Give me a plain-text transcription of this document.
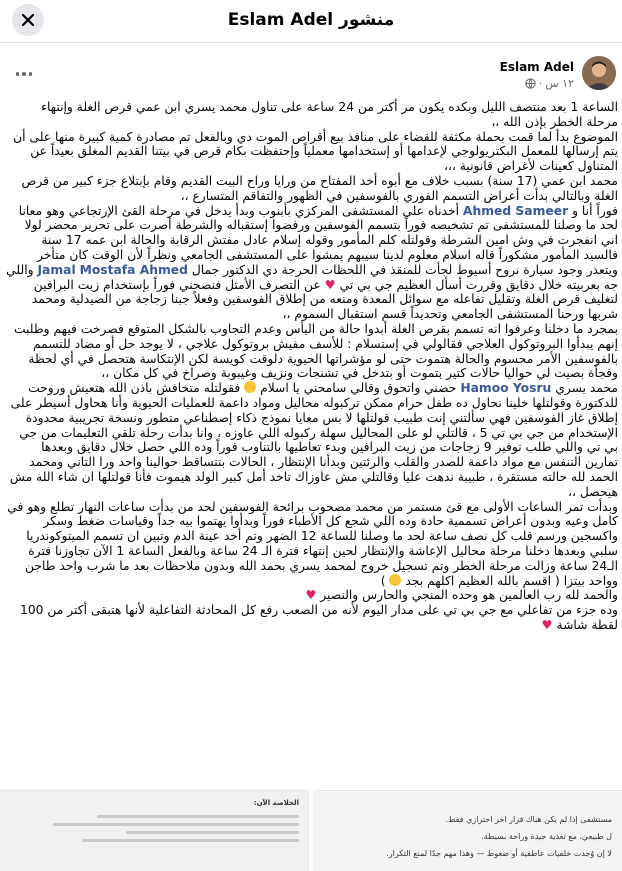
منشور Eslam Adel
Eslam Adel
١٢ س
·

الساعة 1 بعد منتصف الليل وبكده يكون مر أكتر من 24 ساعة على تناول محمد يسري ابن عمي قرص الغلة وإنتهاء مرحلة الخطر بإذن الله ،،

الموضوع بدأ لما قمت بحملة مكثفة للقضاء على منافذ بيع أقراص الموت دي وبالفعل تم مصادرة كمية كبيرة منها على أن يتم إرسالها للمعمل البكتريولوجي لإعدامها أو إستخدامها معملياً وإحتفظت بكام قرص في بيتنا القديم المغلق بعيداً عن المتناول كعينات لأغراض قانونية ،،،

محمد ابن عمي (17 سنة) بسبب خلاف مع أبوه أخد المفتاح من ورايا وراح البيت القديم وقام بإبتلاع جزء كبير من قرص الغلة وبالتالي بدأت أعراض التسمم الفوري بالفوسفين في الظهور والتفاقم المتسارع ،،

فوراً أنا و Ahmed Sameer أخدناه على المستشفى المركزي بأبنوب وبدأ يدخل في مرحلة القئ الإرتجاعي وهو معانا لحد ما وصلنا للمستشفى تم تشخيصه فوراً بتسمم الفوسفين ورفضوا إستقباله والشرطة أصرت على تحرير محضر لولا اني انفجرت في وش امين الشرطة وقولتله كلم المأمور وقوله إسلام عادل مفتش الرقابة والحالة ابن عمه 17 سنة فالسيد المأمور مشكوراً قاله اسلام معلوم لدينا سيبهم يمشوا على المستشفى الجامعي ونظراً لأن الوقت كان متأخر ويتعذر وجود سيارة نروح أسيوط لجأت للمنقذ في اللحظات الحرجة دي الدكتور جمال Jamal Mostafa Ahmed واللي جه بعربيته خلال دقايق وقررت أسأل العظيم جي بي تي ♥ عن التصرف الأمثل فنصحني فوراً بإستخدام زيت البرافين لتغليف قرص الغلة وتقليل تفاعله مع سوائل المعدة ومنعه من إطلاق الفوسفين وفعلاً جبنا زجاجة من الصيدلية ومحمد شربها ورحنا المستشفى الجامعي وتحديداً قسم استقبال السموم ،،

بمجرد ما دخلنا وعرفوا انه تسمم بقرص الغلة أبدوا حالة من اليأس وعدم التجاوب بالشكل المتوقع فصرخت فيهم وطلبت إنهم يبدأوا البروتوكول العلاجي فقالولي في إستسلام : للأسف مفيش بروتوكول علاجي ، لا يوجد حل أو مضاد للتسمم بالفوسفين الأمر محسوم والحالة هتموت حتى لو مؤشراتها الحيوية دلوقت كويسة لكن الإنتكاسة هتحصل في أي لحظة وفجأة بصيت لي حواليا حالات كتير بتموت أو بتدخل في تشنجات ونزيف وغيبوبة وصراخ في كل مكان ،،

محمد يسري Hamoo Yosru حضني واتحوق وقالي سامحني يا اسلام  فقولتله متخافش باذن الله هتعيش وروحت للدكتورة وقولتلها خلينا نحاول ده طفل حرام ممكن تركبوله محاليل ومواد داعمة للعمليات الحيوية وأنا هحاول أسيطر على إطلاق غاز الفوسفين فهي سألتني إنت طبيب قولتلها لا بس معايا نموذج ذكاء إصطناعي متطور ونسخة تجريبية محدودة الإستخدام من جي بي تي 5 ، قالتلي لو على المحاليل سهلة ركبوله اللي عاوزه ، وانا بدأت رحلة تلقي التعليمات من جي بي تي واللي طلب توفير 9 زجاجات من زيت البرافين وبدء تعاطيها بالتناوب فوراً وده اللي حصل خلال دقايق وبعدها تمارين التنفس مع مواد داعمة للصدر والقلب والرئتين وبدأنا الإنتظار ، الحالات بتتساقط حوالينا واحد ورا التاني ومحمد الحمد لله حالته مستقرة ، طبيبة ندهت عليا وقالتلي مش عاوزاك تاخد أمل كبير الولد هيموت فأنا قولتلها ان شاء الله مش هيحصل ،،

وبدأت تمر الساعات الأولى مع قئ مستمر من محمد مصحوب برائحة الفوسفين لحد من بدأت ساعات النهار تطلع وهو في كامل وعيه وبدون أعراض تسممية حادة وده اللي شجع كل الأطباء فوراً وبدأوا يهتموا بيه جداً وقياسات ضغط وسكر واكسجين ورسم قلب كل نصف ساعة لحد ما وصلنا للساعة 12 الضهر وتم أخد عينة الدم وتبين ان تسمم الميتوكوندريا سلبي وبعدها دخلنا مرحلة محاليل الإعاشة والإنتظار لحين إنتهاء فترة الـ 24 ساعة وبالفعل الساعة 1 الآن تجاوزنا فترة الـ24 ساعة وزالت مرحلة الخطر وتم تسجيل خروج لمحمد يسري بحمد الله وبدون ملاحظات بعد ما شرب واحد طاجن وواحد بيتزا ( اقسم بالله العظيم اكلهم بجد  )

والحمد لله رب العالمين هو وحده المنجي والحارس والنصير ♥

وده جزء من تفاعلي مع جي بي تي على مدار اليوم لأنه من الصعب رفع كل المحادثة التفاعلية لأنها هتبقى أكتر من 100 لقطة شاشة ♥

الخلاصة الآن:
مستشفى إذا لم يكن هناك قرار اخر احترازي فقط.
ل طبيعي. مع تغذية جيدة وراحة بسيطة.
لا إن وُجدت خلفيات عاطفية أو ضغوط — وهذا مهم جدًا لمنع التكرار.
